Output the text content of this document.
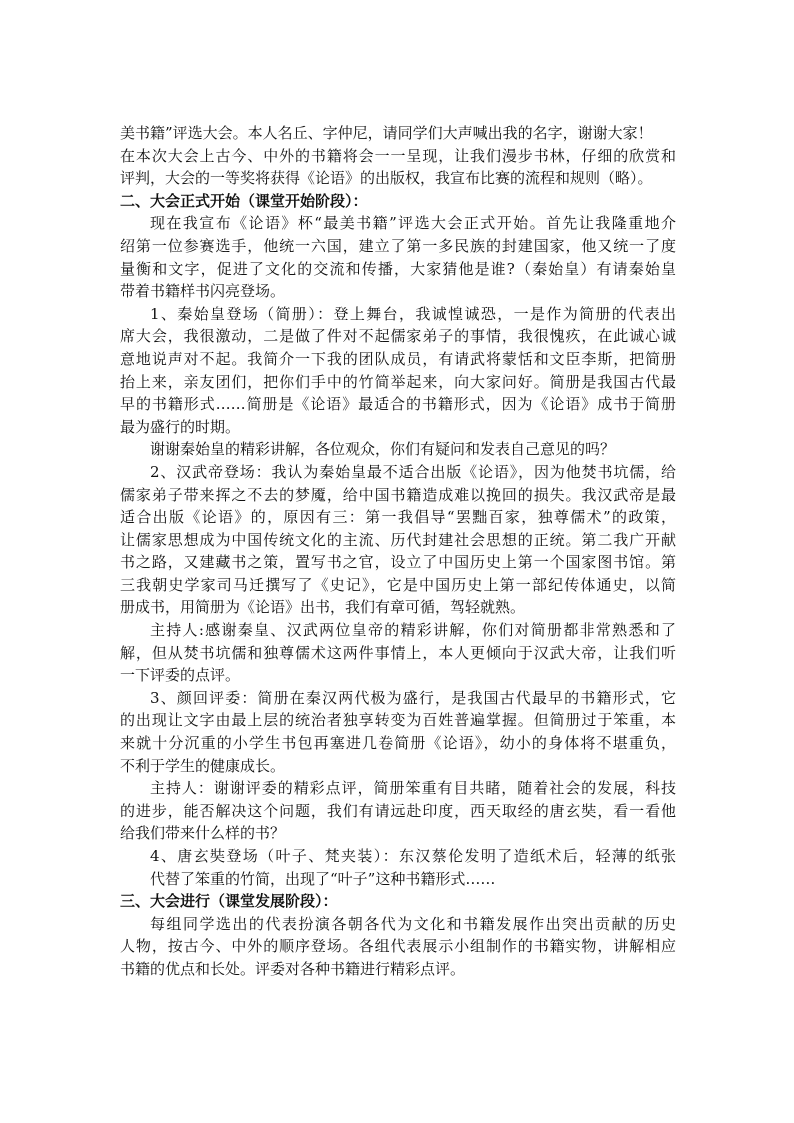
美书籍”评选大会。本人名丘、字仲尼，请同学们大声喊出我的名字，谢谢大家！
在本次大会上古今、中外的书籍将会一一呈现，让我们漫步书林，仔细的欣赏和
评判，大会的一等奖将获得《论语》的出版权，我宣布比赛的流程和规则（略）。
二、大会正式开始（课堂开始阶段）：
现在我宣布《论语》杯“最美书籍”评选大会正式开始。首先让我隆重地介
绍第一位参赛选手，他统一六国，建立了第一多民族的封建国家，他又统一了度
量衡和文字，促进了文化的交流和传播，大家猜他是谁?（秦始皇）有请秦始皇
带着书籍样书闪亮登场。
1、秦始皇登场（简册）：登上舞台，我诚惶诚恐，一是作为简册的代表出
席大会，我很激动，二是做了件对不起儒家弟子的事情，我很愧疚，在此诚心诚
意地说声对不起。我简介一下我的团队成员，有请武将蒙恬和文臣李斯，把简册
抬上来，亲友团们，把你们手中的竹简举起来，向大家问好。简册是我国古代最
早的书籍形式……简册是《论语》最适合的书籍形式，因为《论语》成书于简册
最为盛行的时期。
谢谢秦始皇的精彩讲解，各位观众，你们有疑问和发表自己意见的吗？
2、汉武帝登场：我认为秦始皇最不适合出版《论语》，因为他焚书坑儒，给
儒家弟子带来挥之不去的梦魇，给中国书籍造成难以挽回的损失。我汉武帝是最
适合出版《论语》的，原因有三：第一我倡导“罢黜百家，独尊儒术”的政策，
让儒家思想成为中国传统文化的主流、历代封建社会思想的正统。第二我广开献
书之路，又建藏书之策，置写书之官，设立了中国历史上第一个国家图书馆。第
三我朝史学家司马迁撰写了《史记》，它是中国历史上第一部纪传体通史，以简
册成书，用简册为《论语》出书，我们有章可循，驾轻就熟。
主持人:感谢秦皇、汉武两位皇帝的精彩讲解，你们对简册都非常熟悉和了
解，但从焚书坑儒和独尊儒术这两件事情上，本人更倾向于汉武大帝，让我们听
一下评委的点评。
3、颜回评委：简册在秦汉两代极为盛行，是我国古代最早的书籍形式，它
的出现让文字由最上层的统治者独享转变为百姓普遍掌握。但简册过于笨重，本
来就十分沉重的小学生书包再塞进几卷简册《论语》，幼小的身体将不堪重负，
不利于学生的健康成长。
主持人：谢谢评委的精彩点评，简册笨重有目共睹，随着社会的发展，科技
的进步，能否解决这个问题，我们有请远赴印度，西天取经的唐玄奘，看一看他
给我们带来什么样的书？
4、唐玄奘登场（叶子、梵夹装）：东汉蔡伦发明了造纸术后，轻薄的纸张
代替了笨重的竹简，出现了“叶子”这种书籍形式……
三、大会进行（课堂发展阶段）：
每组同学选出的代表扮演各朝各代为文化和书籍发展作出突出贡献的历史
人物，按古今、中外的顺序登场。各组代表展示小组制作的书籍实物，讲解相应
书籍的优点和长处。评委对各种书籍进行精彩点评。
